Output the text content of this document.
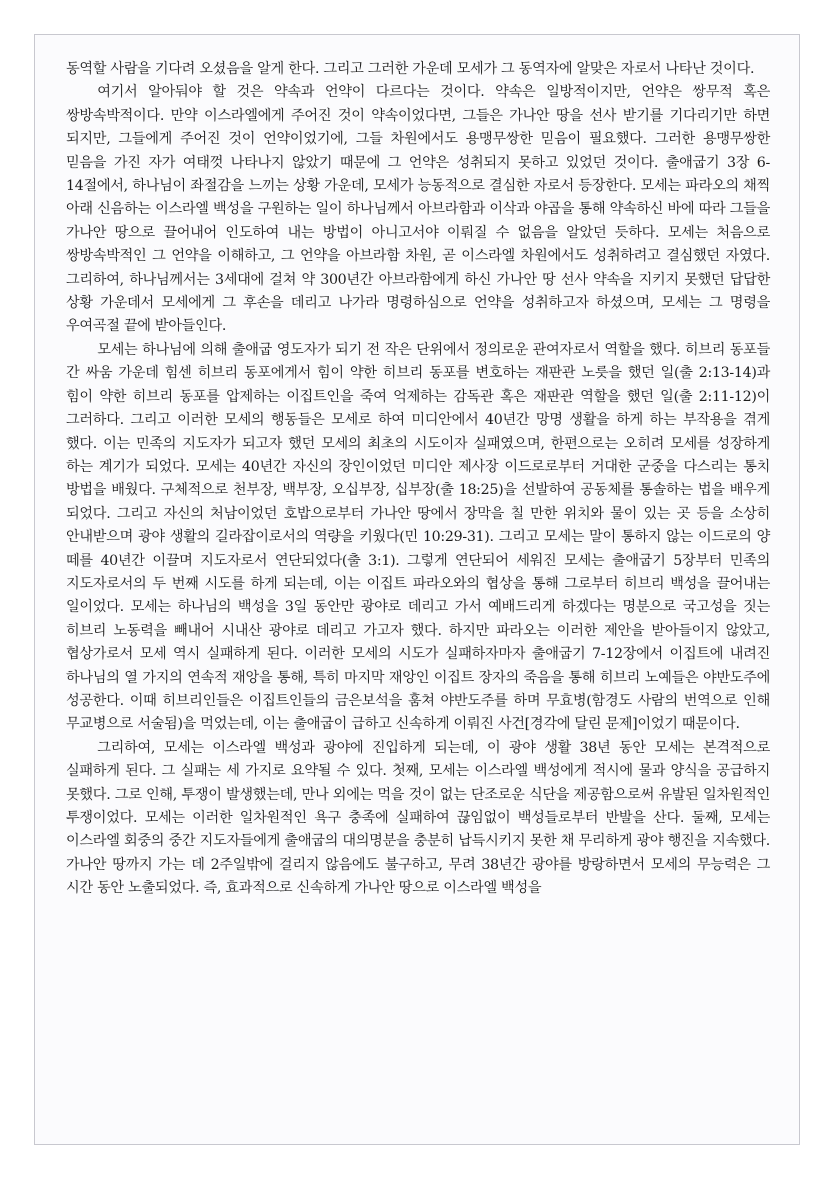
동역할 사람을 기다려 오셨음을 알게 한다. 그리고 그러한 가운데 모세가 그 동역자에 알맞은 자로서 나타난 것이다.

여기서 알아둬야 할 것은 약속과 언약이 다르다는 것이다. 약속은 일방적이지만, 언약은 쌍무적 혹은 쌍방속박적이다. 만약 이스라엘에게 주어진 것이 약속이었다면, 그들은 가나안 땅을 선사 받기를 기다리기만 하면 되지만, 그들에게 주어진 것이 언약이었기에, 그들 차원에서도 용맹무쌍한 믿음이 필요했다. 그러한 용맹무쌍한 믿음을 가진 자가 여태껏 나타나지 않았기 때문에 그 언약은 성취되지 못하고 있었던 것이다. 출애굽기 3장 6-14절에서, 하나님이 좌절감을 느끼는 상황 가운데, 모세가 능동적으로 결심한 자로서 등장한다. 모세는 파라오의 채찍 아래 신음하는 이스라엘 백성을 구원하는 일이 하나님께서 아브라함과 이삭과 야곱을 통해 약속하신 바에 따라 그들을 가나안 땅으로 끌어내어 인도하여 내는 방법이 아니고서야 이뤄질 수 없음을 알았던 듯하다. 모세는 처음으로 쌍방속박적인 그 언약을 이해하고, 그 언약을 아브라함 차원, 곧 이스라엘 차원에서도 성취하려고 결심했던 자였다. 그리하여, 하나님께서는 3세대에 걸쳐 약 300년간 아브라함에게 하신 가나안 땅 선사 약속을 지키지 못했던 답답한 상황 가운데서 모세에게 그 후손을 데리고 나가라 명령하심으로 언약을 성취하고자 하셨으며, 모세는 그 명령을 우여곡절 끝에 받아들인다.

모세는 하나님에 의해 출애굽 영도자가 되기 전 작은 단위에서 정의로운 관여자로서 역할을 했다. 히브리 동포들 간 싸움 가운데 힘센 히브리 동포에게서 힘이 약한 히브리 동포를 변호하는 재판관 노릇을 했던 일(출 2:13-14)과 힘이 약한 히브리 동포를 압제하는 이집트인을 죽여 억제하는 감독관 혹은 재판관 역할을 했던 일(출 2:11-12)이 그러하다. 그리고 이러한 모세의 행동들은 모세로 하여 미디안에서 40년간 망명 생활을 하게 하는 부작용을 겪게 했다. 이는 민족의 지도자가 되고자 했던 모세의 최초의 시도이자 실패였으며, 한편으로는 오히려 모세를 성장하게 하는 계기가 되었다. 모세는 40년간 자신의 장인이었던 미디안 제사장 이드로로부터 거대한 군중을 다스리는 통치 방법을 배웠다. 구체적으로 천부장, 백부장, 오십부장, 십부장(출 18:25)을 선발하여 공동체를 통솔하는 법을 배우게 되었다. 그리고 자신의 처남이었던 호밥으로부터 가나안 땅에서 장막을 칠 만한 위치와 물이 있는 곳 등을 소상히 안내받으며 광야 생활의 길라잡이로서의 역량을 키웠다(민 10:29-31). 그리고 모세는 말이 통하지 않는 이드로의 양 떼를 40년간 이끌며 지도자로서 연단되었다(출 3:1). 그렇게 연단되어 세워진 모세는 출애굽기 5장부터 민족의 지도자로서의 두 번째 시도를 하게 되는데, 이는 이집트 파라오와의 협상을 통해 그로부터 히브리 백성을 끌어내는 일이었다. 모세는 하나님의 백성을 3일 동안만 광야로 데리고 가서 예배드리게 하겠다는 명분으로 국고성을 짓는 히브리 노동력을 빼내어 시내산 광야로 데리고 가고자 했다. 하지만 파라오는 이러한 제안을 받아들이지 않았고, 협상가로서 모세 역시 실패하게 된다. 이러한 모세의 시도가 실패하자마자 출애굽기 7-12장에서 이집트에 내려진 하나님의 열 가지의 연속적 재앙을 통해, 특히 마지막 재앙인 이집트 장자의 죽음을 통해 히브리 노예들은 야반도주에 성공한다. 이때 히브리인들은 이집트인들의 금은보석을 훔쳐 야반도주를 하며 무효병(함경도 사람의 번역으로 인해 무교병으로 서술됨)을 먹었는데, 이는 출애굽이 급하고 신속하게 이뤄진 사건[경각에 달린 문제]이었기 때문이다.

그리하여, 모세는 이스라엘 백성과 광야에 진입하게 되는데, 이 광야 생활 38년 동안 모세는 본격적으로 실패하게 된다. 그 실패는 세 가지로 요약될 수 있다. 첫째, 모세는 이스라엘 백성에게 적시에 물과 양식을 공급하지 못했다. 그로 인해, 투쟁이 발생했는데, 만나 외에는 먹을 것이 없는 단조로운 식단을 제공함으로써 유발된 일차원적인 투쟁이었다. 모세는 이러한 일차원적인 욕구 충족에 실패하여 끊임없이 백성들로부터 반발을 산다. 둘째, 모세는 이스라엘 회중의 중간 지도자들에게 출애굽의 대의명분을 충분히 납득시키지 못한 채 무리하게 광야 행진을 지속했다. 가나안 땅까지 가는 데 2주일밖에 걸리지 않음에도 불구하고, 무려 38년간 광야를 방랑하면서 모세의 무능력은 그 시간 동안 노출되었다. 즉, 효과적으로 신속하게 가나안 땅으로 이스라엘 백성을
